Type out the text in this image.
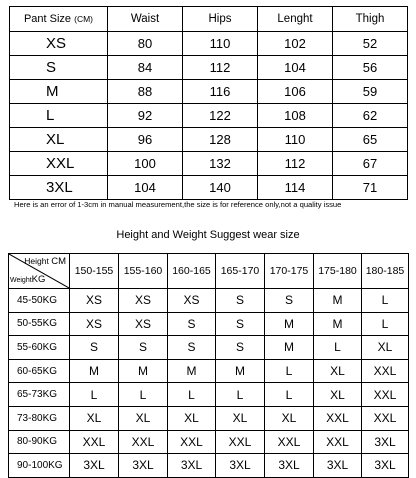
Pant Size (CM)	Waist	Hips	Lenght	Thigh
XS	80	110	102	52
S	84	112	104	56
M	88	116	106	59
L	92	122	108	62
XL	96	128	110	65
XXL	100	132	112	67
3XL	104	140	114	71
Here is an error of 1-3cm in manual measurement,the size is for reference only,not a quality issue
Height and Weight Suggest wear size
Height CM
WeightKG	150-155	155-160	160-165	165-170	170-175	175-180	180-185
45-50KG	XS	XS	XS	S	S	M	L
50-55KG	XS	XS	S	S	M	M	L
55-60KG	S	S	S	S	M	L	XL
60-65KG	M	M	M	M	L	XL	XXL
65-73KG	L	L	L	L	L	XL	XXL
73-80KG	XL	XL	XL	XL	XL	XXL	XXL
80-90KG	XXL	XXL	XXL	XXL	XXL	XXL	3XL
90-100KG	3XL	3XL	3XL	3XL	3XL	3XL	3XL
